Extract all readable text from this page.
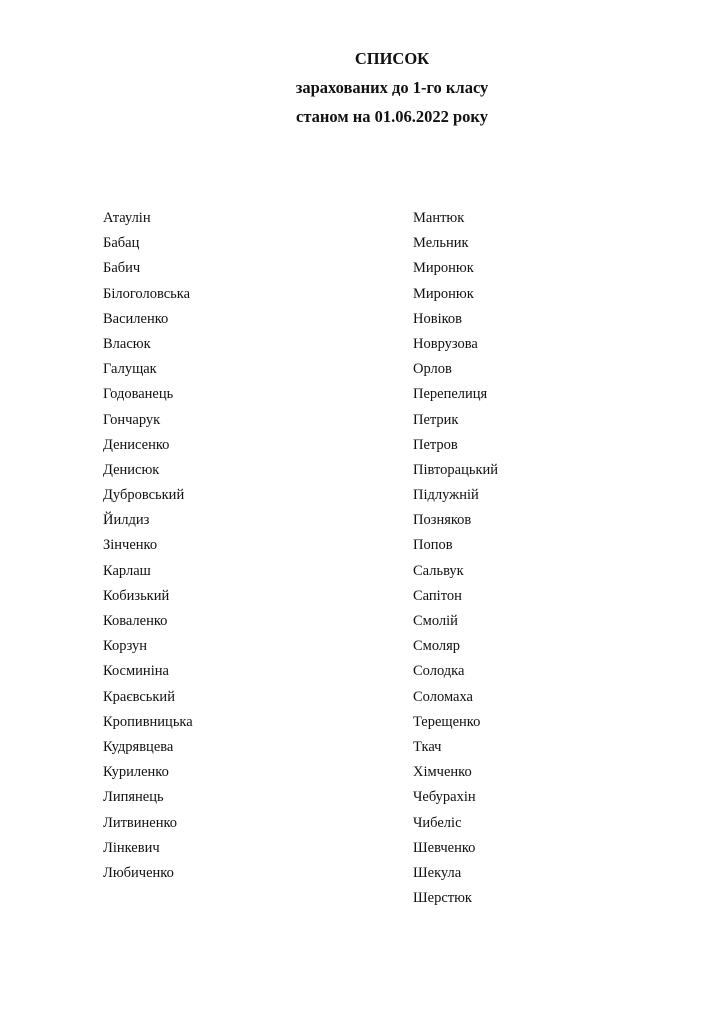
СПИСОК
зарахованих до 1-го класу
станом на 01.06.2022 року
Атаулін
Бабац
Бабич
Білоголовська
Василенко
Власюк
Галущак
Годованець
Гончарук
Денисенко
Денисюк
Дубровський
Йилдиз
Зінченко
Карлаш
Кобизький
Коваленко
Корзун
Косминіна
Краєвський
Кропивницька
Кудрявцева
Куриленко
Липянець
Литвиненко
Лінкевич
Любиченко
Мантюк
Мельник
Миронюк
Миронюк
Новіков
Новрузова
Орлов
Перепелиця
Петрик
Петров
Півторацький
Підлужній
Позняков
Попов
Сальвук
Сапітон
Смолій
Смоляр
Солодка
Соломаха
Терещенко
Ткач
Хімченко
Чебурахін
Чибеліс
Шевченко
Шекула
Шерстюк
